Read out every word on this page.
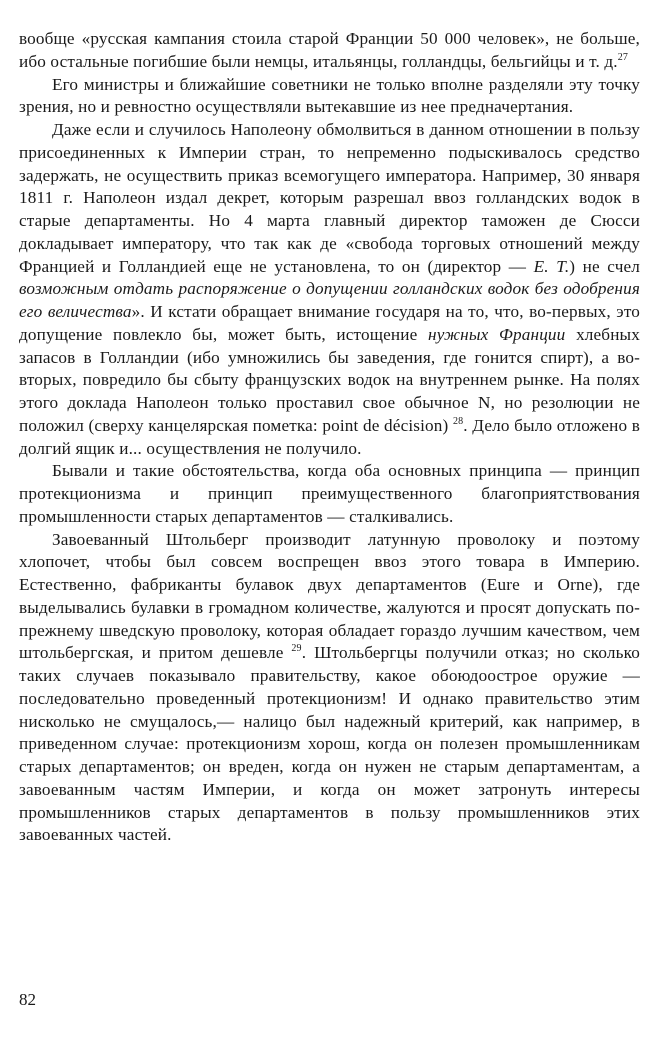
вообще «русская кампания стоила старой Франции 50 000 человек», не больше, ибо остальные погибшие были немцы, итальянцы, голландцы, бельгийцы и т. д.$^{27}$

Его министры и ближайшие советники не только вполне разделяли эту точку зрения, но и ревностно осуществляли вытекавшие из нее предначертания.

Даже если и случилось Наполеону обмолвиться в данном отношении в пользу присоединенных к Империи стран, то непременно подыскивалось средство задержать, не осуществить приказ всемогущего императора. Например, 30 января 1811 г. Наполеон издал декрет, которым разрешал ввоз голландских водок в старые департаменты. Но 4 марта главный директор таможен де Сюсси докладывает императору, что так как де «свобода торговых отношений между Францией и Голландией еще не установлена, то он (директор — Е. Т.) не счел возможным отдать распоряжение о допущении голландских водок без одобрения его величества». И кстати обращает внимание государя на то, что, во-первых, это допущение повлекло бы, может быть, истощение нужных Франции хлебных запасов в Голландии (ибо умножились бы заведения, где гонится спирт), а во-вторых, повредило бы сбыту французских водок на внутреннем рынке. На полях этого доклада Наполеон только проставил свое обычное N, но резолюции не положил (сверху канцелярская пометка: point de décision) $^{28}$. Дело было отложено в долгий ящик и... осуществления не получило.

Бывали и такие обстоятельства, когда оба основных принципа — принцип протекционизма и принцип преимущественного благоприятствования промышленности старых департаментов — сталкивались.

Завоеванный Штольберг производит латунную проволоку и поэтому хлопочет, чтобы был совсем воспрещен ввоз этого товара в Империю. Естественно, фабриканты булавок двух департаментов (Eure и Orne), где выделывались булавки в громадном количестве, жалуются и просят допускать по-прежнему шведскую проволоку, которая обладает гораздо лучшим качеством, чем штольбергская, и притом дешевле $^{29}$. Штольбергцы получили отказ; но сколько таких случаев показывало правительству, какое обоюдоострое оружие — последовательно проведенный протекционизм! И однако правительство этим нисколько не смущалось,— налицо был надежный критерий, как например, в приведенном случае: протекционизм хорош, когда он полезен промышленникам старых департаментов; он вреден, когда он нужен не старым департаментам, а завоеванным частям Империи, и когда он может затронуть интересы промышленников старых департаментов в пользу промышленников этих завоеванных частей.

82
